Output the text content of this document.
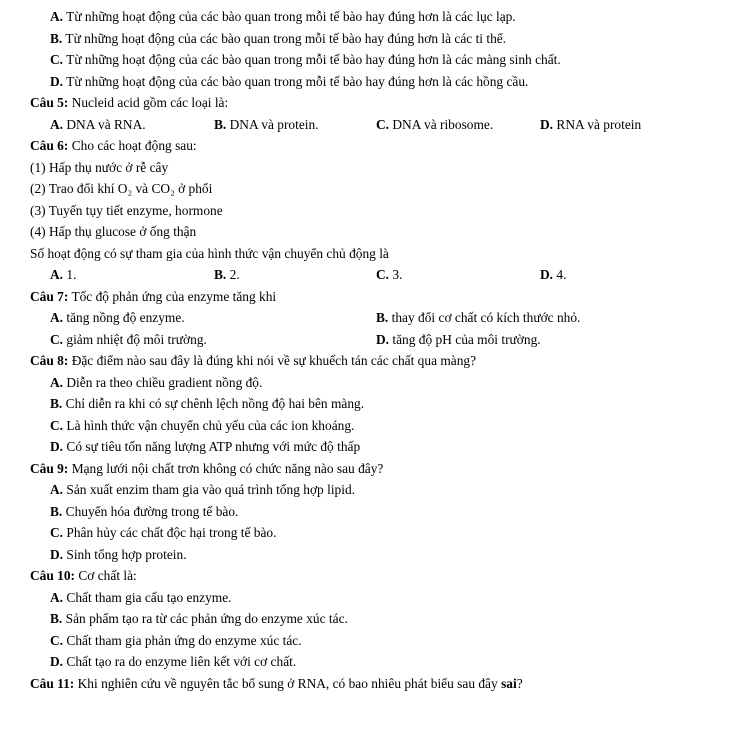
A. Từ những hoạt động của các bào quan trong mỗi tế bào hay đúng hơn là các lục lạp.
B. Từ những hoạt động của các bào quan trong mỗi tế bào hay đúng hơn là các ti thể.
C. Từ những hoạt động của các bào quan trong mỗi tế bào hay đúng hơn là các màng sinh chất.
D. Từ những hoạt động của các bào quan trong mỗi tế bào hay đúng hơn là các hồng cầu.
Câu 5: Nucleid acid gồm các loại là:
A. DNA và RNA.	B. DNA và protein.	C. DNA và ribosome.	D. RNA và protein
Câu 6: Cho các hoạt động sau:
(1) Hấp thụ nước ở rễ cây
(2) Trao đổi khí O₂ và CO₂ ở phổi
(3) Tuyến tụy tiết enzyme, hormone
(4) Hấp thụ glucose ở ống thận
Số hoạt động có sự tham gia của hình thức vận chuyển chủ động là
A. 1.	B. 2.	C. 3.	D. 4.
Câu 7: Tốc độ phản ứng của enzyme tăng khi
A. tăng nồng độ enzyme.	B. thay đổi cơ chất có kích thước nhỏ.
C. giảm nhiệt độ môi trường.	D. tăng độ pH của môi trường.
Câu 8: Đặc điểm nào sau đây là đúng khi nói về sự khuếch tán các chất qua màng?
A. Diễn ra theo chiều gradient nồng độ.
B. Chỉ diễn ra khi có sự chênh lệch nồng độ hai bên màng.
C. Là hình thức vận chuyển chủ yếu của các ion khoáng.
D. Có sự tiêu tốn năng lượng ATP nhưng với mức độ thấp
Câu 9: Mạng lưới nội chất trơn không có chức năng nào sau đây?
A. Sản xuất enzim tham gia vào quá trình tổng hợp lipid.
B. Chuyển hóa đường trong tế bào.
C. Phân hủy các chất độc hại trong tế bào.
D. Sinh tổng hợp protein.
Câu 10: Cơ chất là:
A. Chất tham gia cấu tạo enzyme.
B. Sản phẩm tạo ra từ các phản ứng do enzyme xúc tác.
C. Chất tham gia phản ứng do enzyme xúc tác.
D. Chất tạo ra do enzyme liên kết với cơ chất.
Câu 11: Khi nghiên cứu về nguyên tắc bổ sung ở RNA, có bao nhiêu phát biểu sau đây sai?
